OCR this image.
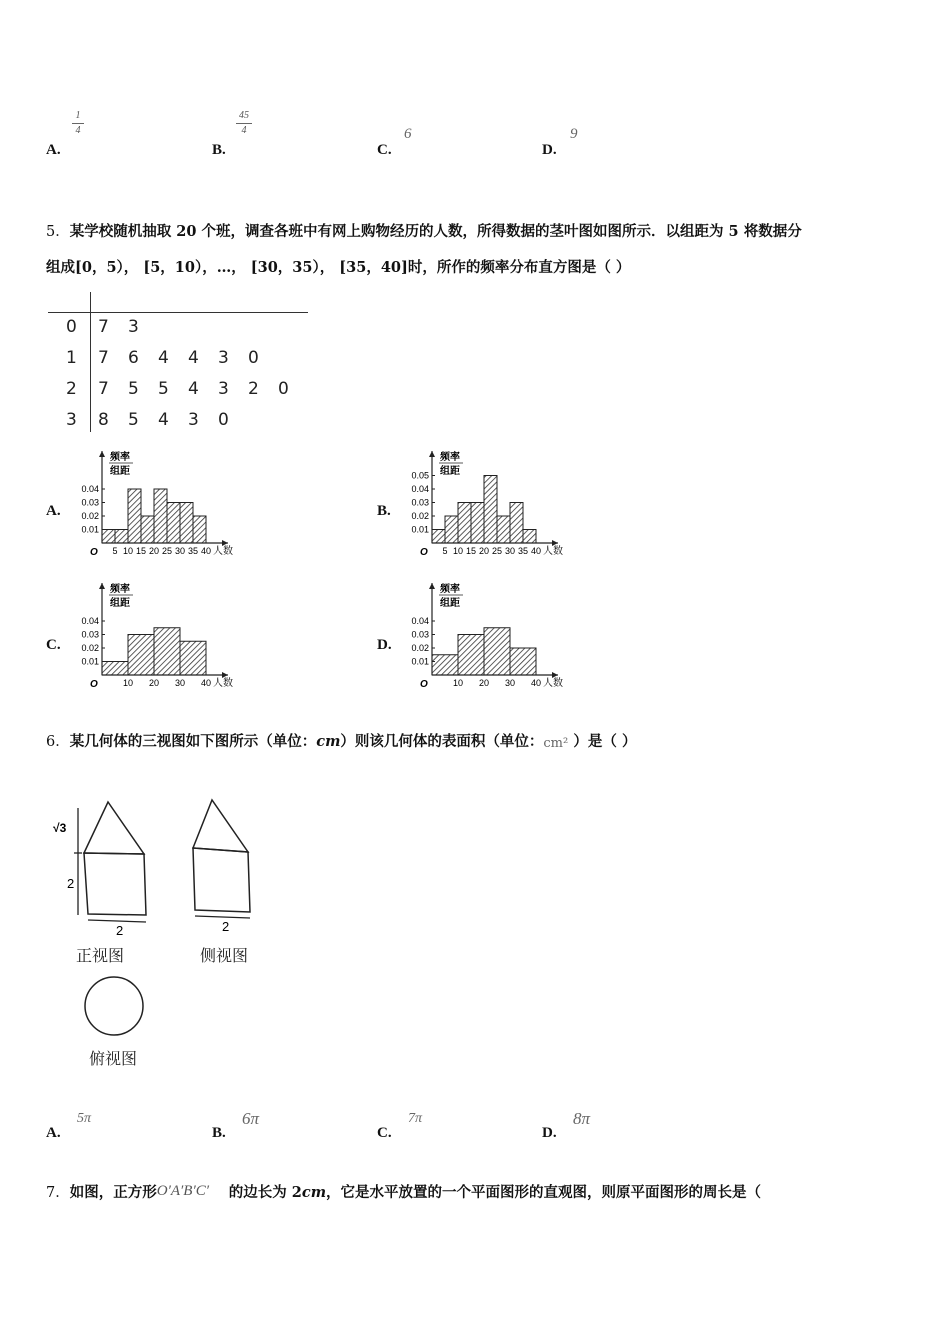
A.
1
4
B.
45
4
C.
6
D.
9
5．某学校随机抽取 20 个班，调查各班中有网上购物经历的人数，所得数据的茎叶图如图所示．以组距为 5 将数据分
组成[0，5）， [5，10），…， [30，35）， [35，40]时，所作的频率分布直方图是（ ）
0 7 3
1 7 6 4 4 3 0
2 7 5 5 4 3 2 0
3 8 5 4 3 0
A.
频率
组距
0.04
0.03
0.02
0.01
O 5 10 15 20 25 30 35 40 人数
B.
频率
组距
0.05
0.04
0.03
0.02
0.01
O 5 10 15 20 25 30 35 40 人数
C.
频率
组距
0.04
0.03
0.02
0.01
O	10 20 30 40 人数
D.
频率
组距
0.04
0.03
0.02
0.01
O	10 20 30 40 人数
6．某几何体的三视图如下图所示（单位：cm）则该几何体的表面积（单位： cm² ）是（ ）
√3
2
2	2
正视图	侧视图
俯视图
A.
5π
B.
6π
C.
7π
D.
8π
7．如图，正方形 O′A′B′C′ 的边长为 2cm，它是水平放置的一个平面图形的直观图，则原平面图形的周长是（
